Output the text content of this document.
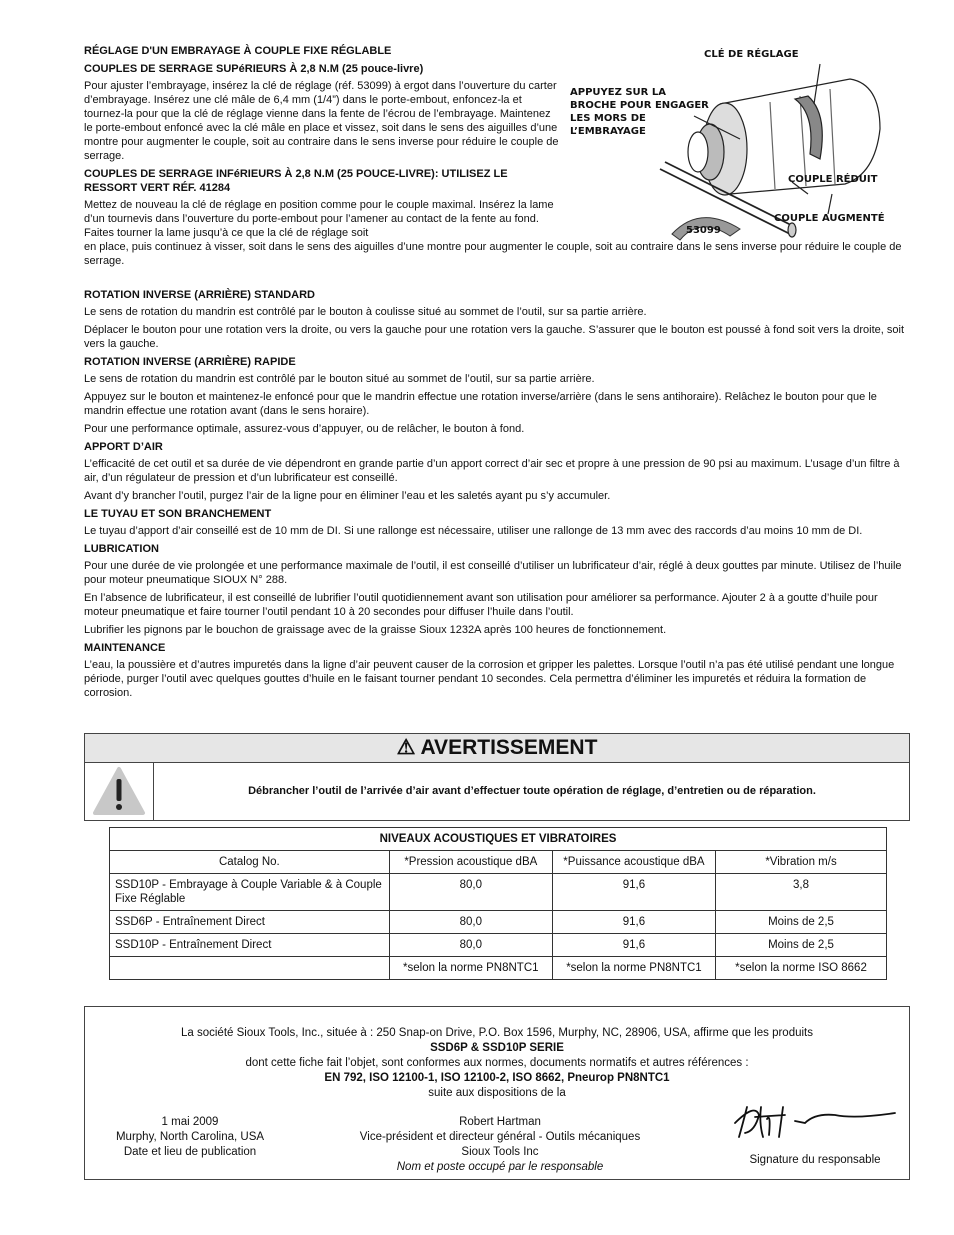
RÉGLAGE D'UN EMBRAYAGE À COUPLE FIXE RÉGLABLE
COUPLES DE SERRAGE SUPéRIEURS À 2,8 N.M (25 pouce-livre)

Pour ajuster l’embrayage, insérez la clé de réglage (réf. 53099) à ergot dans l’ouverture du carter d’embrayage. Insérez une clé mâle de 6,4 mm (1/4”) dans le porte-embout, enfoncez-la et tournez-la pour que la clé de réglage vienne dans la fente de l’écrou de l’embrayage. Maintenez le porte-embout enfoncé avec la clé mâle en place et vissez, soit dans le sens des aiguilles d’une montre pour augmenter le couple, soit au contraire dans le sens inverse pour réduire le couple de serrage.

COUPLES DE SERRAGE INFéRIEURS À 2,8 N.M (25 POUCE-LIVRE): UTILISEZ LE RESSORT VERT RÉF. 41284

Mettez de nouveau la clé de réglage en position comme pour le couple maximal. Insérez la lame d’un tournevis dans l’ouverture du porte-embout pour l’amener au contact de la fente au fond. Faites tourner la lame jusqu’à ce que la clé de réglage soit

en place, puis continuez à visser, soit dans le sens des aiguilles d’une montre pour augmenter le couple, soit au contraire dans le sens inverse pour réduire le couple de serrage.

CLÉ DE RÉGLAGE
APPUYEZ SUR LA BROCHE POUR ENGAGER LES MORS DE L’EMBRAYAGE
COUPLE RÉDUIT
COUPLE AUGMENTÉ
53099
ROTATION INVERSE (ARRIÈRE) STANDARD

Le sens de rotation du mandrin est contrôlé par le bouton à coulisse situé au sommet de l’outil, sur sa partie arrière.

Déplacer le bouton pour une rotation vers la droite, ou vers la gauche pour une rotation vers la gauche. S’assurer que le bouton est poussé à fond soit vers la droite, soit vers la gauche.

ROTATION INVERSE (ARRIÈRE) RAPIDE

Le sens de rotation du mandrin est contrôlé par le bouton situé au sommet de l’outil, sur sa partie arrière.

Appuyez sur le bouton et maintenez-le enfoncé pour que le mandrin effectue une rotation inverse/arrière (dans le sens antihoraire). Relâchez le bouton pour que le mandrin effectue une rotation avant (dans le sens horaire).

Pour une performance optimale, assurez-vous d’appuyer, ou de relâcher, le bouton à fond.

APPORT D’AIR

L’efficacité de cet outil et sa durée de vie dépendront en grande partie d’un apport correct d’air sec et propre à une pression de 90 psi au maximum. L’usage d’un filtre à air, d’un régulateur de pression et d’un lubrificateur est conseillé.

Avant d’y brancher l’outil, purgez l’air de la ligne pour en éliminer l’eau et les saletés ayant pu s’y accumuler.

LE TUYAU ET SON BRANCHEMENT

Le tuyau d’apport d’air conseillé est de 10 mm de DI. Si une rallonge est nécessaire, utiliser une rallonge de 13 mm avec des raccords d’au moins 10 mm de DI.

LUBRICATION

Pour une durée de vie prolongée et une performance maximale de l’outil, il est conseillé d’utiliser un lubrificateur d’air, réglé à deux gouttes par minute. Utilisez de l’huile pour moteur pneumatique SIOUX N° 288.

En l’absence de lubrificateur, il est conseillé de lubrifier l’outil quotidiennement avant son utilisation pour améliorer sa performance. Ajouter 2 à a goutte d’huile pour moteur pneumatique et faire tourner l’outil pendant 10 à 20 secondes pour diffuser l’huile dans l’outil.

Lubrifier les pignons par le bouchon de graissage avec de la graisse Sioux 1232A après 100 heures de fonctionnement.

MAINTENANCE

L’eau, la poussière et d’autres impuretés dans la ligne d’air peuvent causer de la corrosion et gripper les palettes. Lorsque l’outil n’a pas été utilisé pendant une longue période, purger l’outil avec quelques gouttes d’huile en le faisant tourner pendant 10 secondes. Cela permettra d’éliminer les impuretés et réduira la formation de corrosion.

⚠ AVERTISSEMENT
Débrancher l’outil de l’arrivée d’air avant d’effectuer toute opération de réglage, d’entretien ou de réparation.
NIVEAUX ACOUSTIQUES ET VIBRATOIRES			
Catalog No.	*Pression acoustique dBA	*Puissance acoustique dBA	*Vibration m/s
SSD10P - Embrayage à Couple Variable & à Couple Fixe Réglable	80,0	91,6	3,8
SSD6P - Entraînement Direct	80,0	91,6	Moins de 2,5
SSD10P - Entraînement Direct	80,0	91,6	Moins de 2,5
	*selon la norme PN8NTC1	*selon la norme PN8NTC1	*selon la norme ISO 8662
La société Sioux Tools, Inc., située à : 250 Snap-on Drive, P.O. Box 1596, Murphy, NC, 28906, USA, affirme que les produits
SSD6P & SSD10P SERIE
dont cette fiche fait l’objet, sont conformes aux normes, documents normatifs et autres références :
EN 792, ISO 12100-1, ISO 12100-2, ISO 8662, Pneurop PN8NTC1
suite aux dispositions de la
1 mai 2009
Murphy, North Carolina, USA
Date et lieu de publication
Robert Hartman
Vice-président et directeur général - Outils mécaniques
Sioux Tools Inc
Nom et poste occupé par le responsable
Signature du responsable
